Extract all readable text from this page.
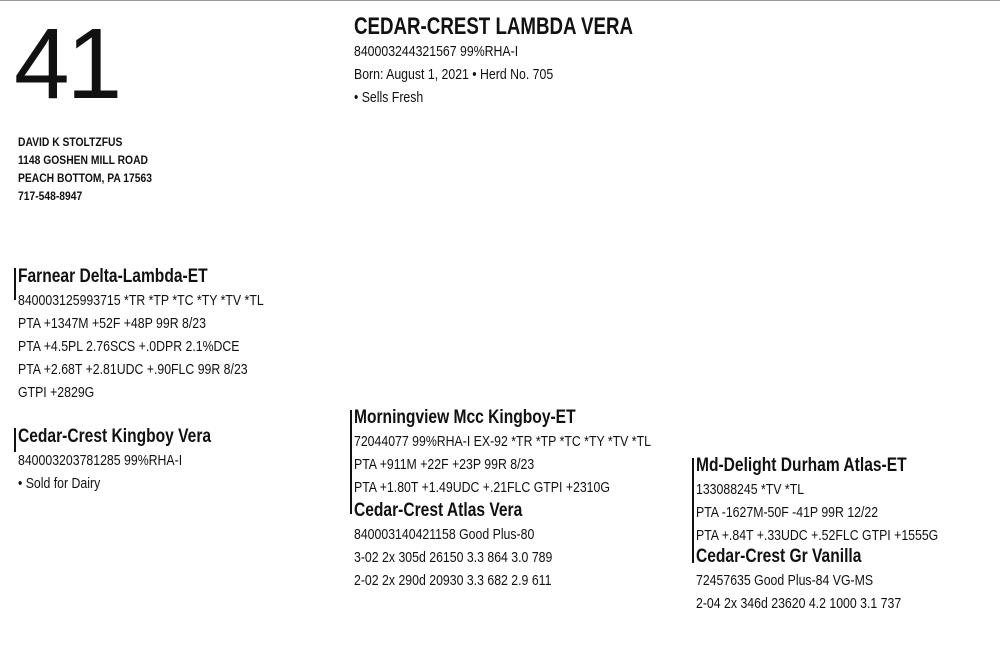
41
DAVID K STOLTZFUS
1148 GOSHEN MILL ROAD
PEACH BOTTOM, PA 17563
717-548-8947
CEDAR-CREST LAMBDA VERA
840003244321567 99%RHA-I
Born: August 1, 2021 • Herd No. 705
• Sells Fresh
Farnear Delta-Lambda-ET
840003125993715 *TR *TP *TC *TY *TV *TL
PTA +1347M +52F +48P 99R 8/23
PTA +4.5PL 2.76SCS +.0DPR 2.1%DCE
PTA +2.68T +2.81UDC +.90FLC 99R 8/23
GTPI +2829G
Cedar-Crest Kingboy Vera
840003203781285 99%RHA-I
• Sold for Dairy
Morningview Mcc Kingboy-ET
72044077 99%RHA-I EX-92 *TR *TP *TC *TY *TV *TL
PTA +911M +22F +23P 99R 8/23
PTA +1.80T +1.49UDC +.21FLC GTPI +2310G
Cedar-Crest Atlas Vera
840003140421158 Good Plus-80
3-02 2x 305d 26150 3.3 864 3.0 789
2-02 2x 290d 20930 3.3 682 2.9 611
Md-Delight Durham Atlas-ET
133088245 *TV *TL
PTA -1627M-50F -41P 99R 12/22
PTA +.84T +.33UDC +.52FLC GTPI +1555G
Cedar-Crest Gr Vanilla
72457635 Good Plus-84 VG-MS
2-04 2x 346d 23620 4.2 1000 3.1 737
